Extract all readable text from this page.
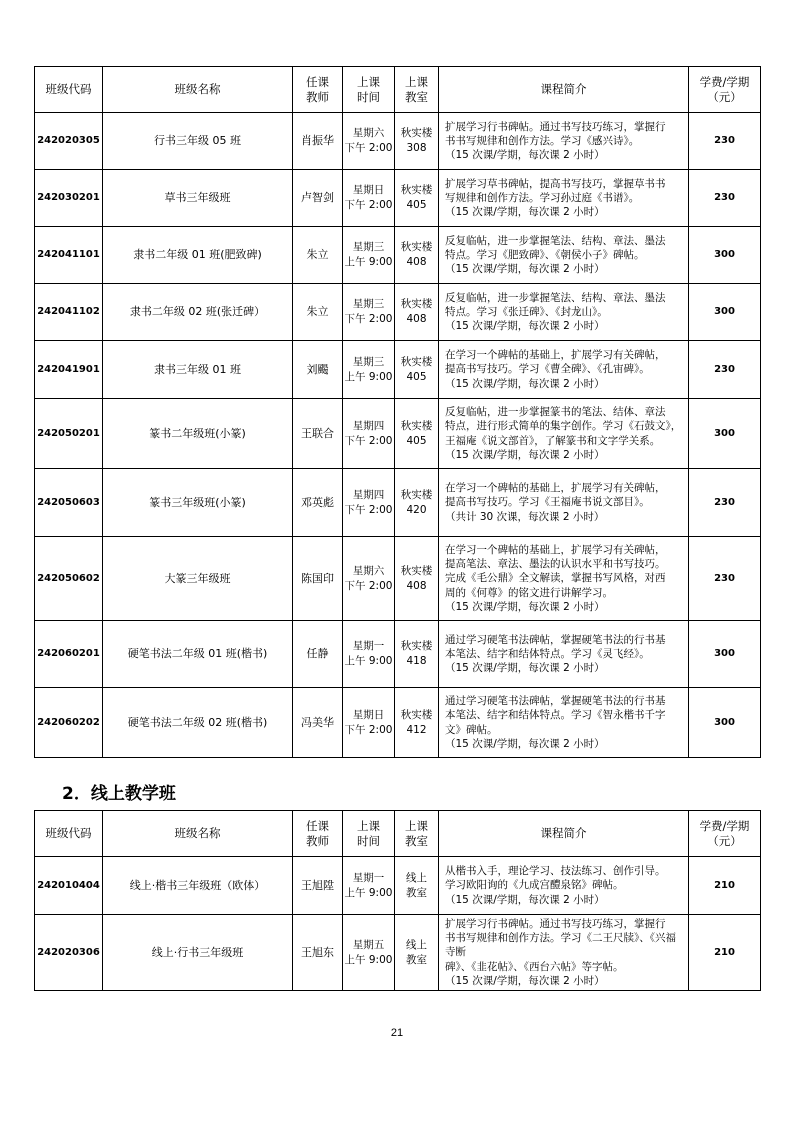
班级代码	班级名称	任课
教师	上课
时间	上课
教室	课程简介	学费/学期
（元）
242020305	行书三年级 05 班	肖振华	星期六
下午 2:00	秋实楼
308	扩展学习行书碑帖。通过书写技巧练习，掌握行
书书写规律和创作方法。学习《感兴诗》。
（15 次课/学期，每次课 2 小时）	230
242030201	草书三年级班	卢智剑	星期日
下午 2:00	秋实楼
405	扩展学习草书碑帖，提高书写技巧，掌握草书书
写规律和创作方法。学习孙过庭《书谱》。
（15 次课/学期，每次课 2 小时）	230
242041101	隶书二年级 01 班(肥致碑)	朱立	星期三
上午 9:00	秋实楼
408	反复临帖，进一步掌握笔法、结构、章法、墨法
特点。学习《肥致碑》、《朝侯小子》碑帖。
（15 次课/学期，每次课 2 小时）	300
242041102	隶书二年级 02 班(张迁碑）	朱立	星期三
下午 2:00	秋实楼
408	反复临帖，进一步掌握笔法、结构、章法、墨法
特点。学习《张迁碑》、《封龙山》。
（15 次课/学期，每次课 2 小时）	300
242041901	隶书三年级 01 班	刘颺	星期三
上午 9:00	秋实楼
405	在学习一个碑帖的基础上，扩展学习有关碑帖，
提高书写技巧。学习《曹全碑》、《孔宙碑》。
（15 次课/学期，每次课 2 小时）	230
242050201	篆书二年级班(小篆)	王联合	星期四
下午 2:00	秋实楼
405	反复临帖，进一步掌握篆书的笔法、结体、章法
特点，进行形式简单的集字创作。学习《石鼓文》，
王福庵《说文部首》，了解篆书和文字学关系。
（15 次课/学期，每次课 2 小时）	300
242050603	篆书三年级班(小篆)	邓英彪	星期四
下午 2:00	秋实楼
420	在学习一个碑帖的基础上，扩展学习有关碑帖，
提高书写技巧。学习《王福庵书说文部目》。
（共计 30 次课，每次课 2 小时）	230
242050602	大篆三年级班	陈国印	星期六
下午 2:00	秋实楼
408	在学习一个碑帖的基础上，扩展学习有关碑帖，
提高笔法、章法、墨法的认识水平和书写技巧。
完成《毛公鼎》全文解读，掌握书写风格，对西
周的《何尊》的铭文进行讲解学习。
（15 次课/学期，每次课 2 小时）	230
242060201	硬笔书法二年级 01 班(楷书)	任静	星期一
上午 9:00	秋实楼
418	通过学习硬笔书法碑帖，掌握硬笔书法的行书基
本笔法、结字和结体特点。学习《灵飞经》。
（15 次课/学期，每次课 2 小时）	300
242060202	硬笔书法二年级 02 班(楷书)	冯美华	星期日
下午 2:00	秋实楼
412	通过学习硬笔书法碑帖，掌握硬笔书法的行书基
本笔法、结字和结体特点。学习《智永楷书千字
文》碑帖。
（15 次课/学期，每次课 2 小时）	300
2．线上教学班
班级代码	班级名称	任课
教师	上课
时间	上课
教室	课程简介	学费/学期
（元）
242010404	线上·楷书三年级班（欧体）	王旭陞	星期一
上午 9:00	线上
教室	从楷书入手，理论学习、技法练习、创作引导。
学习欧阳询的《九成宫醴泉铭》碑帖。
（15 次课/学期，每次课 2 小时）	210
242020306	线上·行书三年级班	王旭东	星期五
上午 9:00	线上
教室	扩展学习行书碑帖。通过书写技巧练习，掌握行
书书写规律和创作方法。学习《二王尺牍》、《兴福寺断
碑》、《韭花帖》、《西台六帖》等字帖。
（15 次课/学期，每次课 2 小时）	210
21
